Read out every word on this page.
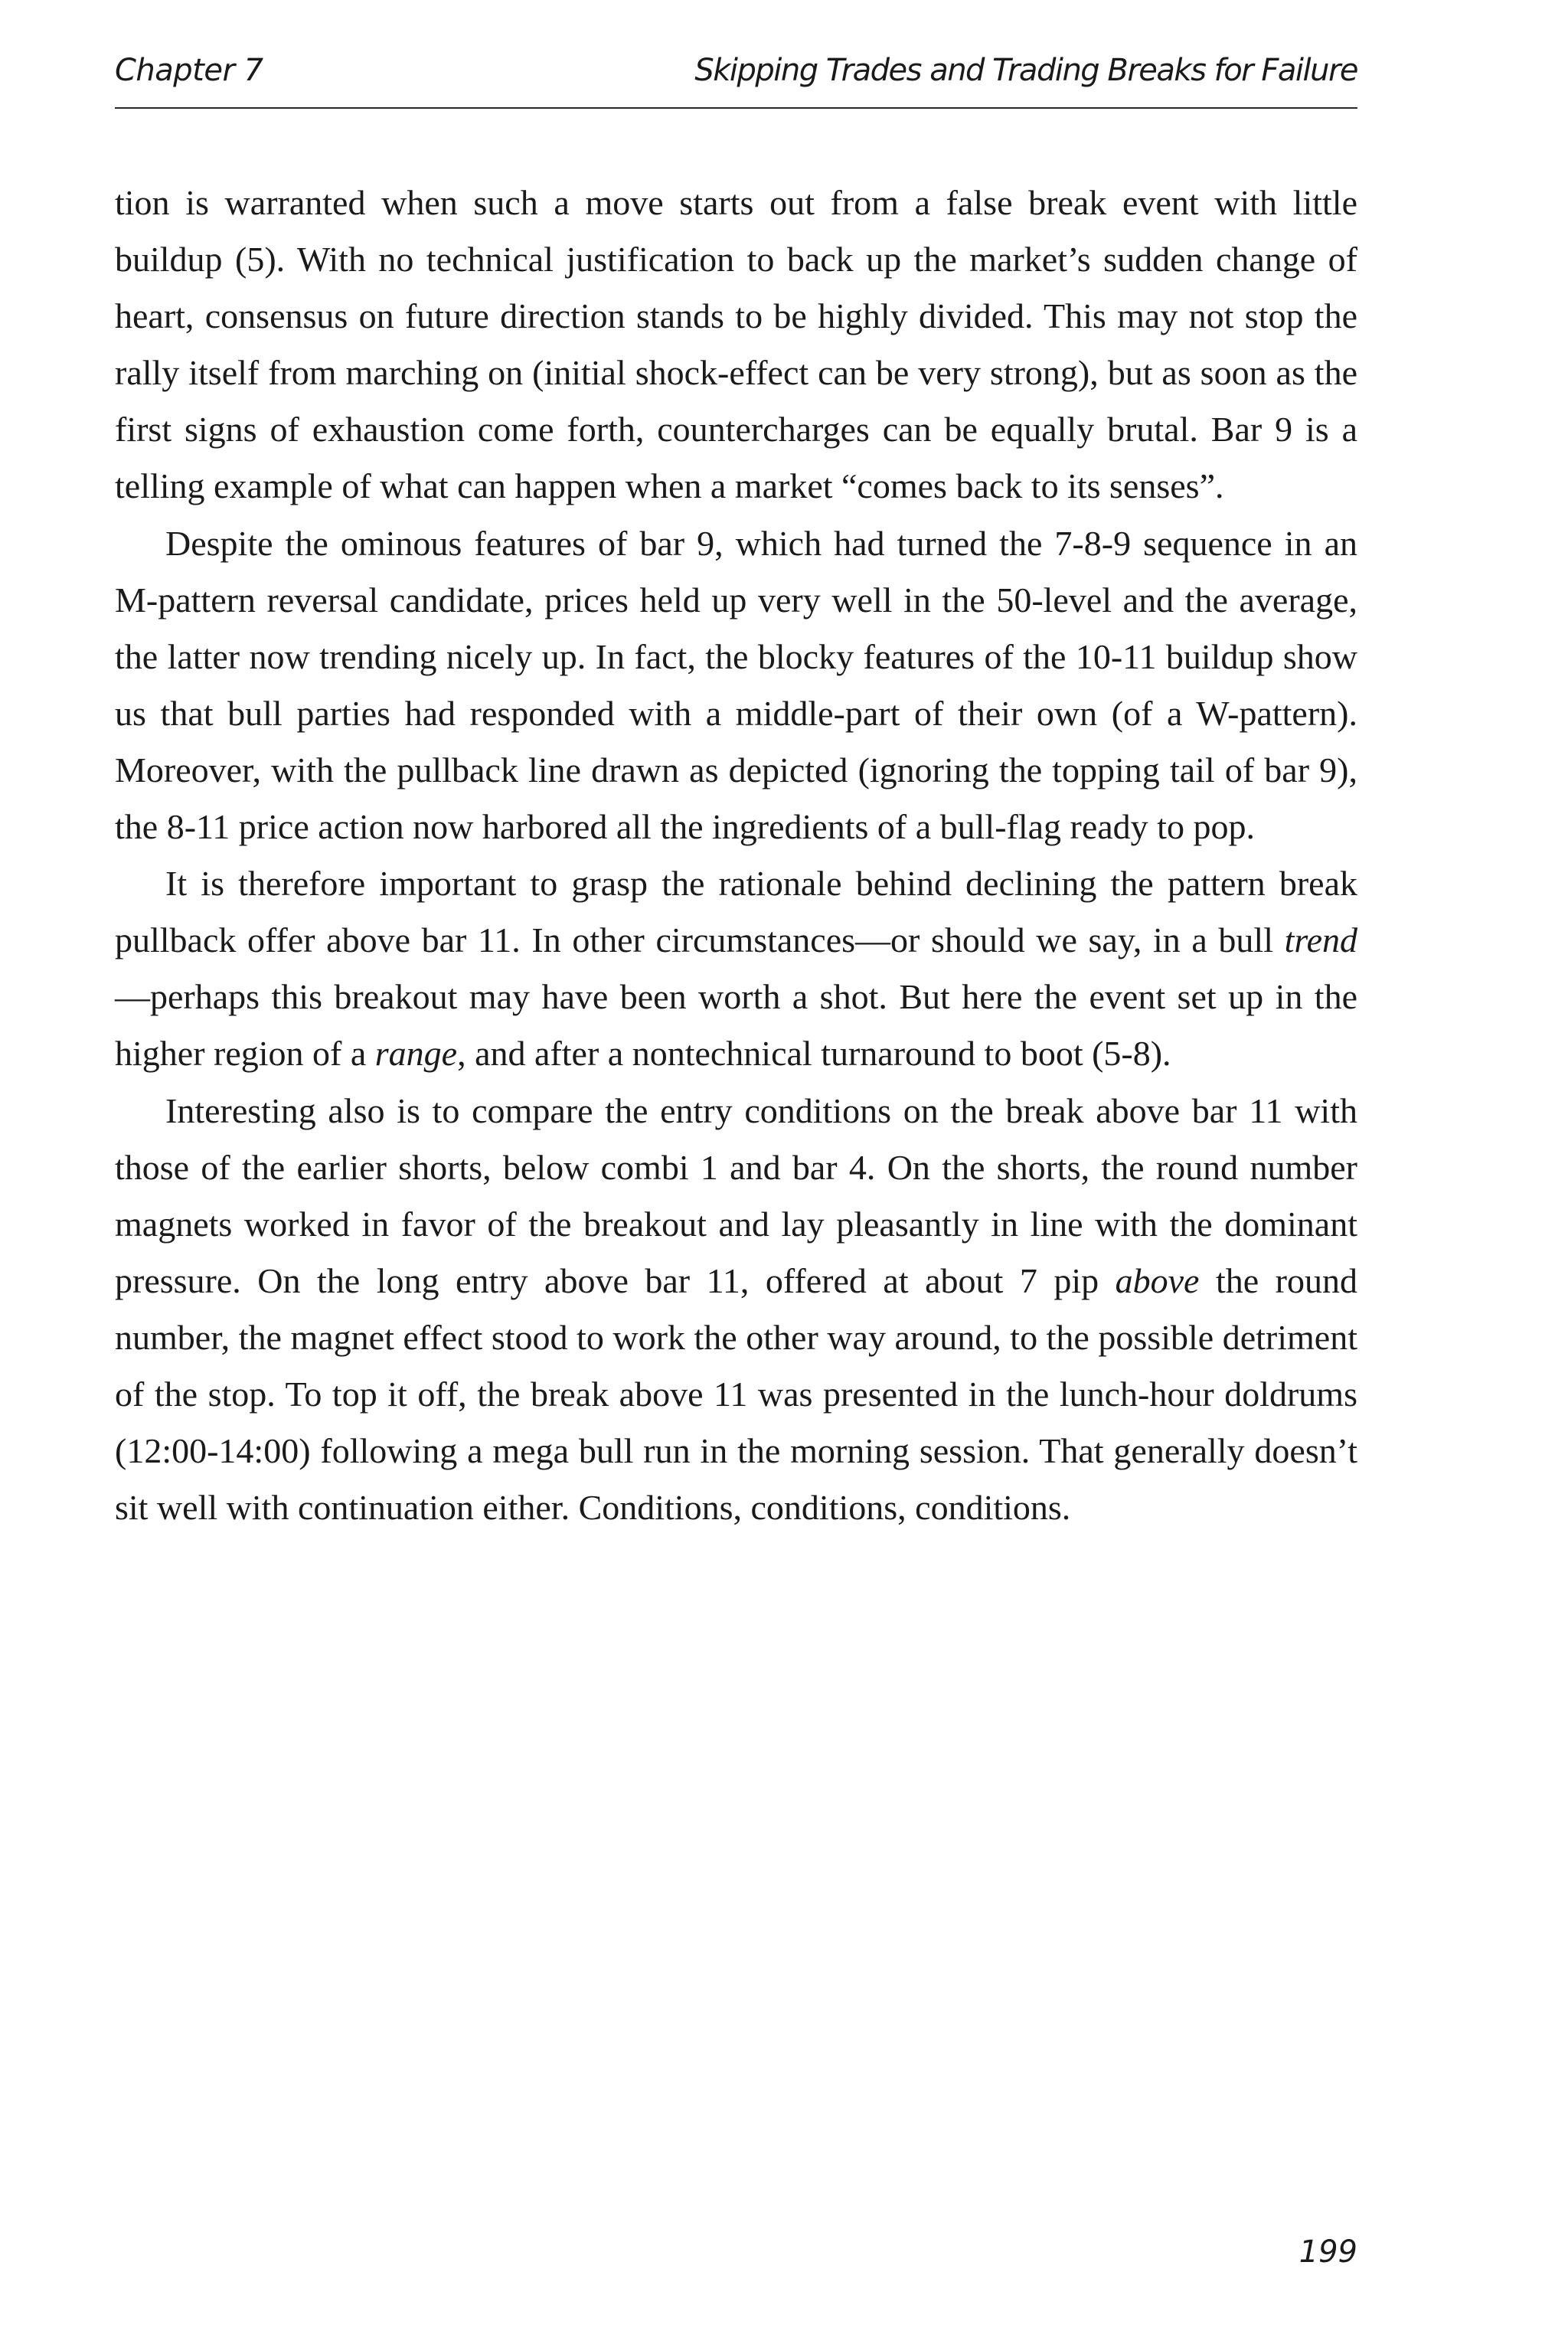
Chapter 7	Skipping Trades and Trading Breaks for Failure

tion is warranted when such a move starts out from a false break event with little buildup (5). With no technical justification to back up the market’s sudden change of heart, consensus on future direction stands to be highly divided. This may not stop the rally itself from marching on (initial shock-effect can be very strong), but as soon as the first signs of exhaustion come forth, countercharges can be equally brutal. Bar 9 is a telling example of what can happen when a market “comes back to its senses”.

Despite the ominous features of bar 9, which had turned the 7-8-9 sequence in an M-pattern reversal candidate, prices held up very well in the 50-level and the average, the latter now trending nicely up. In fact, the blocky features of the 10-11 buildup show us that bull parties had responded with a middle-part of their own (of a W-pattern). Moreover, with the pullback line drawn as depicted (ignoring the topping tail of bar 9), the 8-11 price action now harbored all the ingredients of a bull-flag ready to pop.

It is therefore important to grasp the rationale behind declining the pattern break pullback offer above bar 11. In other circumstances—or should we say, in a bull trend—perhaps this breakout may have been worth a shot. But here the event set up in the higher region of a range, and after a nontechnical turnaround to boot (5-8).

Interesting also is to compare the entry conditions on the break above bar 11 with those of the earlier shorts, below combi 1 and bar 4. On the shorts, the round number magnets worked in favor of the breakout and lay pleasantly in line with the dominant pressure. On the long entry above bar 11, offered at about 7 pip above the round number, the magnet effect stood to work the other way around, to the possible detriment of the stop. To top it off, the break above 11 was presented in the lunch-hour doldrums (12:00-14:00) following a mega bull run in the morning session. That generally doesn’t sit well with continuation either. Conditions, conditions, conditions.

199
